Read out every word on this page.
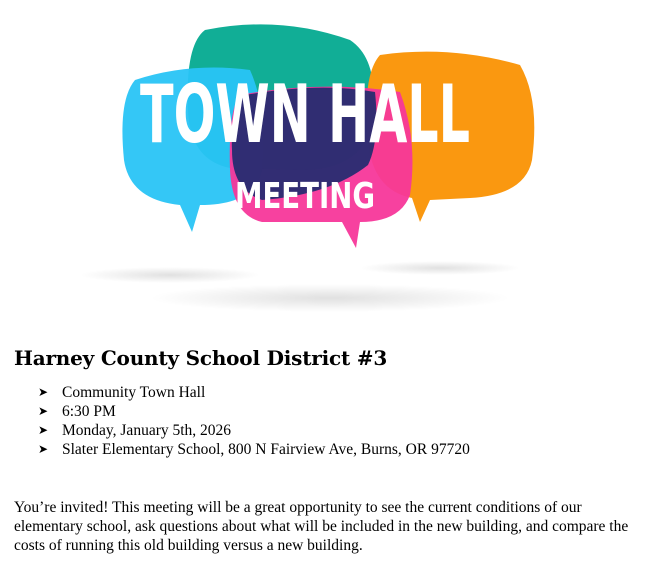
TOWN HALL
MEETING
Harney County School District #3
➤ Community Town Hall
➤ 6:30 PM
➤ Monday, January 5th, 2026
➤ Slater Elementary School, 800 N Fairview Ave, Burns, OR 97720

You’re invited! This meeting will be a great opportunity to see the current conditions of our elementary school, ask questions about what will be included in the new building, and compare the costs of running this old building versus a new building.
